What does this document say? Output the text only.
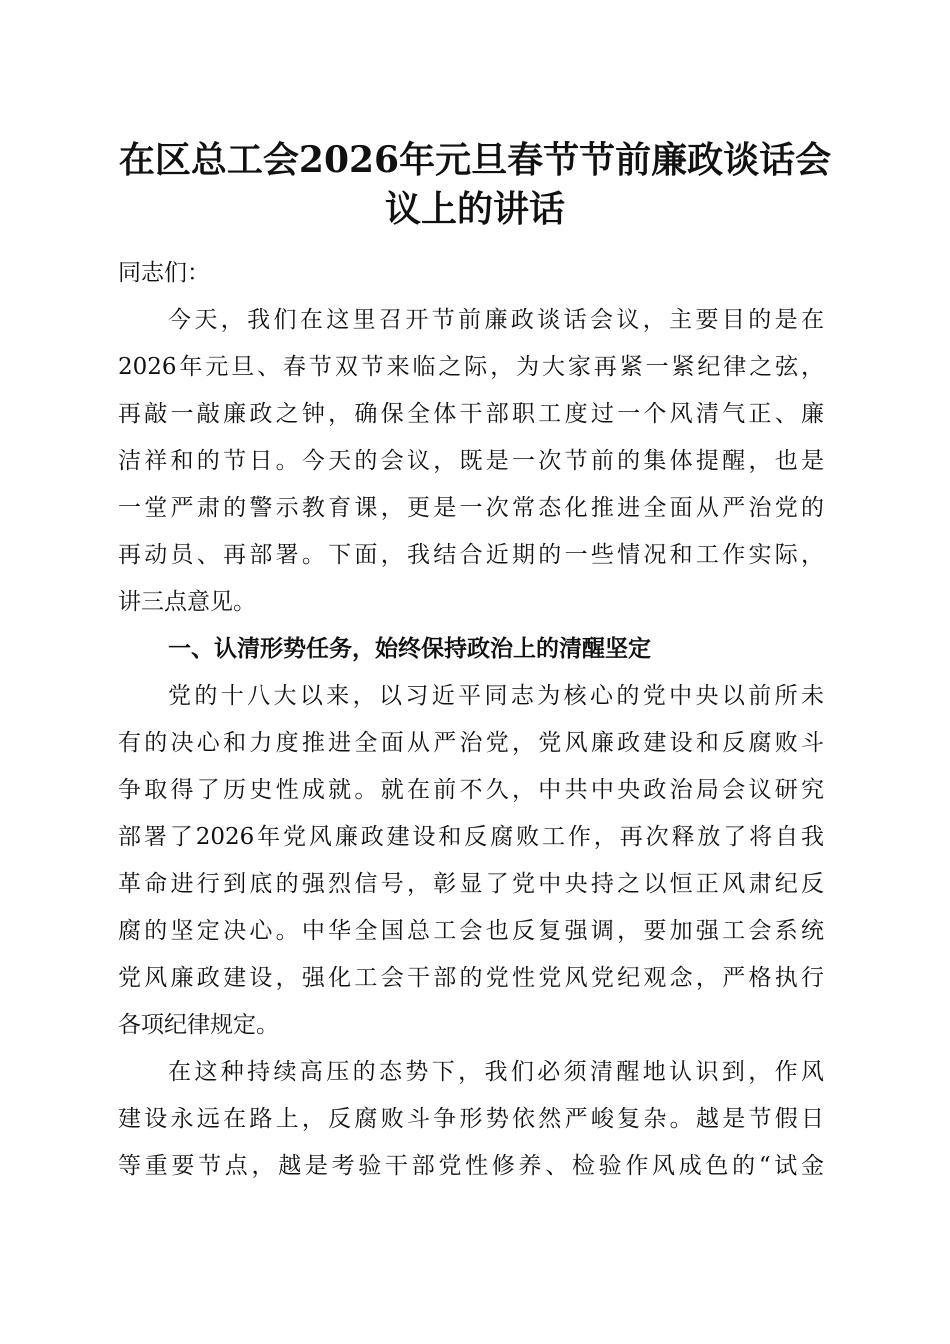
在区总工会2026年元旦春节节前廉政谈话会
议上的讲话
同志们：

今天，我们在这里召开节前廉政谈话会议，主要目的是在
2026年元旦、春节双节来临之际，为大家再紧一紧纪律之弦，
再敲一敲廉政之钟，确保全体干部职工度过一个风清气正、廉
洁祥和的节日。今天的会议，既是一次节前的集体提醒，也是
一堂严肃的警示教育课，更是一次常态化推进全面从严治党的
再动员、再部署。下面，我结合近期的一些情况和工作实际，
讲三点意见。

一、认清形势任务，始终保持政治上的清醒坚定

党的十八大以来，以习近平同志为核心的党中央以前所未
有的决心和力度推进全面从严治党，党风廉政建设和反腐败斗
争取得了历史性成就。就在前不久，中共中央政治局会议研究
部署了2026年党风廉政建设和反腐败工作，再次释放了将自我
革命进行到底的强烈信号，彰显了党中央持之以恒正风肃纪反
腐的坚定决心。中华全国总工会也反复强调，要加强工会系统
党风廉政建设，强化工会干部的党性党风党纪观念，严格执行
各项纪律规定。

在这种持续高压的态势下，我们必须清醒地认识到，作风
建设永远在路上，反腐败斗争形势依然严峻复杂。越是节假日
等重要节点，越是考验干部党性修养、检验作风成色的“试金
